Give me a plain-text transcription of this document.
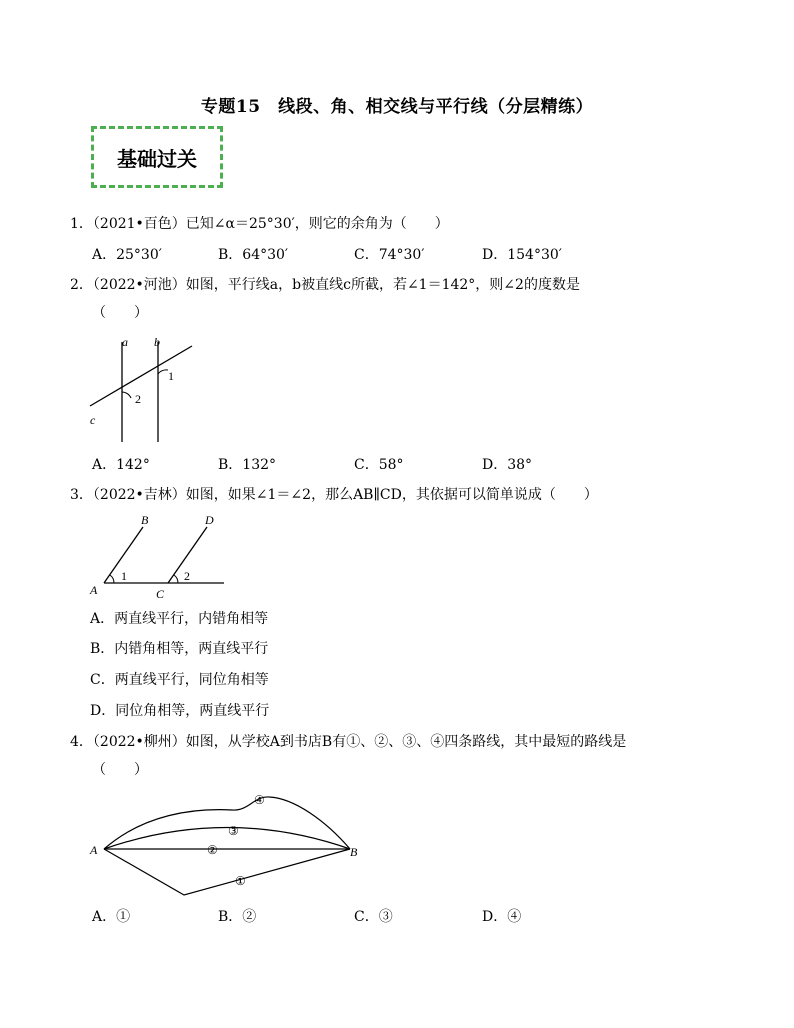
专题15　线段、角、相交线与平行线（分层精练）
基础过关
1．（2021•百色）已知∠α＝25°30′，则它的余角为（　　）
A．25°30′	B．64°30′	C．74°30′	D．154°30′
2．（2022•河池）如图，平行线a，b被直线c所截，若∠1＝142°，则∠2的度数是
（　　）
a b
c
1
2
A．142°	B．132°	C．58°	D．38°
3．（2022•吉林）如图，如果∠1＝∠2，那么AB∥CD，其依据可以简单说成（　　）
B	D
A	C
1	2
A．两直线平行，内错角相等
B．内错角相等，两直线平行
C．两直线平行，同位角相等
D．同位角相等，两直线平行
4．（2022•柳州）如图，从学校A到书店B有①、②、③、④四条路线，其中最短的路线是
（　　）
A	B
①
②
③
④
A．①	B．②	C．③	D．④
